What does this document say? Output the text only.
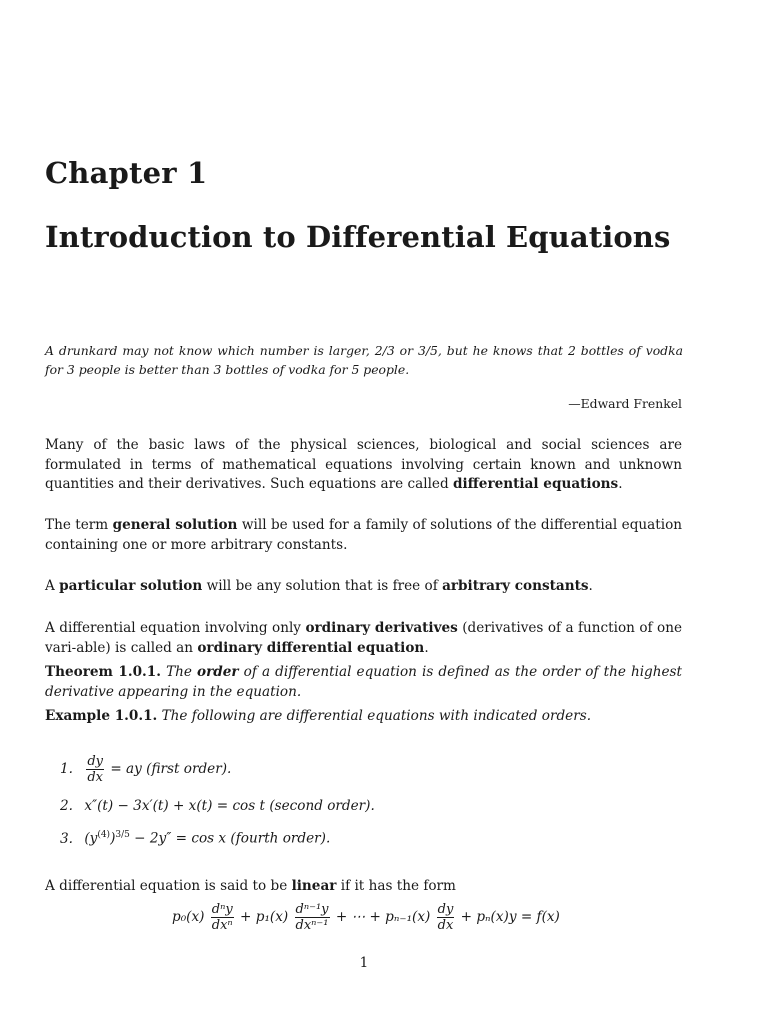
Chapter 1
Introduction to Differential Equations
A drunkard may not know which number is larger, 2/3 or 3/5, but he knows that 2 bottles of vodka for 3 people is better than 3 bottles of vodka for 5 people.
—Edward Frenkel
Many of the basic laws of the physical sciences, biological and social sciences are formulated in terms of mathematical equations involving certain known and unknown quantities and their derivatives. Such equations are called differential equations.
The term general solution will be used for a family of solutions of the differential equation containing one or more arbitrary constants.
A particular solution will be any solution that is free of arbitrary constants.
A differential equation involving only ordinary derivatives (derivatives of a function of one vari-able) is called an ordinary differential equation.
Theorem 1.0.1. The order of a differential equation is defined as the order of the highest derivative appearing in the equation.
Example 1.0.1. The following are differential equations with indicated orders.
1. $\frac{dy}{dx}$ = ay (first order).
2. x″(t) − 3x′(t) + x(t) = cos t (second order).
3. $(y^{(4)})^{3/5} - 2y'' = \cos x$ (fourth order).
A differential equation is said to be linear if it has the form
$p_0(x) \frac{\text{dⁿy}}{\text{dxⁿ}} + p_1(x) \frac{\text{dⁿ⁻¹y}}{\text{dxⁿ⁻¹}}$ + ⋯ + $p_{n-1}(x) \frac{dy}{dx} + p_n(x)y = f(x)$
1
